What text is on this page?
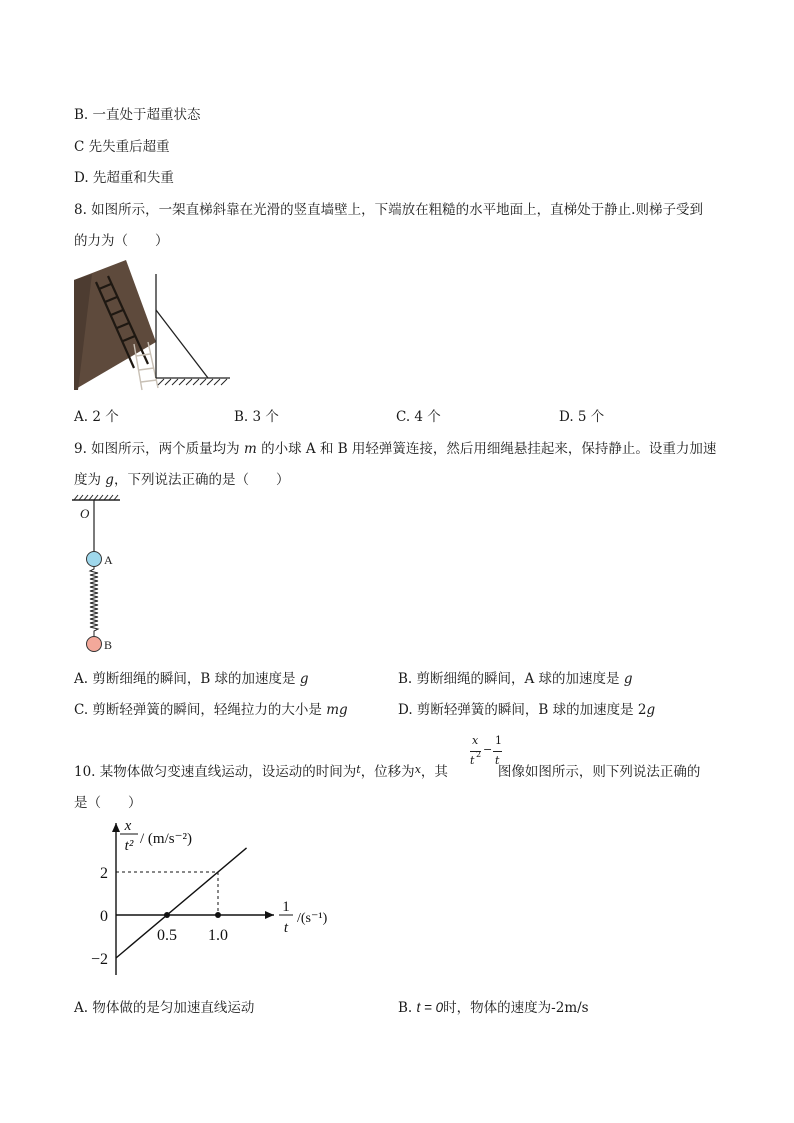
B. 一直处于超重状态
C 先失重后超重
D. 先超重和失重
8. 如图所示，一架直梯斜靠在光滑的竖直墙壁上，下端放在粗糙的水平地面上，直梯处于静止.则梯子受到
的力为（　　）
A. 2 个	B. 3 个	C. 4 个	D. 5 个
9. 如图所示，两个质量均为 m 的小球 A 和 B 用轻弹簧连接，然后用细绳悬挂起来，保持静止。设重力加速
度为 g，下列说法正确的是（　　）
O
A
B
A. 剪断细绳的瞬间，B 球的加速度是 g	B. 剪断细绳的瞬间，A 球的加速度是 g
C. 剪断轻弹簧的瞬间，轻绳拉力的大小是 mg	D. 剪断轻弹簧的瞬间，B 球的加速度是 2g
10. 某物体做匀变速直线运动，设运动的时间为$^t$，位移为$^x$，其	图像如图所示，则下列说法正确的
x
t 2 −
1
t
是（　　）
0.5 1.0
2
0
−2
x
t² / (m/s⁻²)
1
t
/(s⁻¹)
A. 物体做的是匀加速直线运动	B. t = 0时，物体的速度为-2m/s
